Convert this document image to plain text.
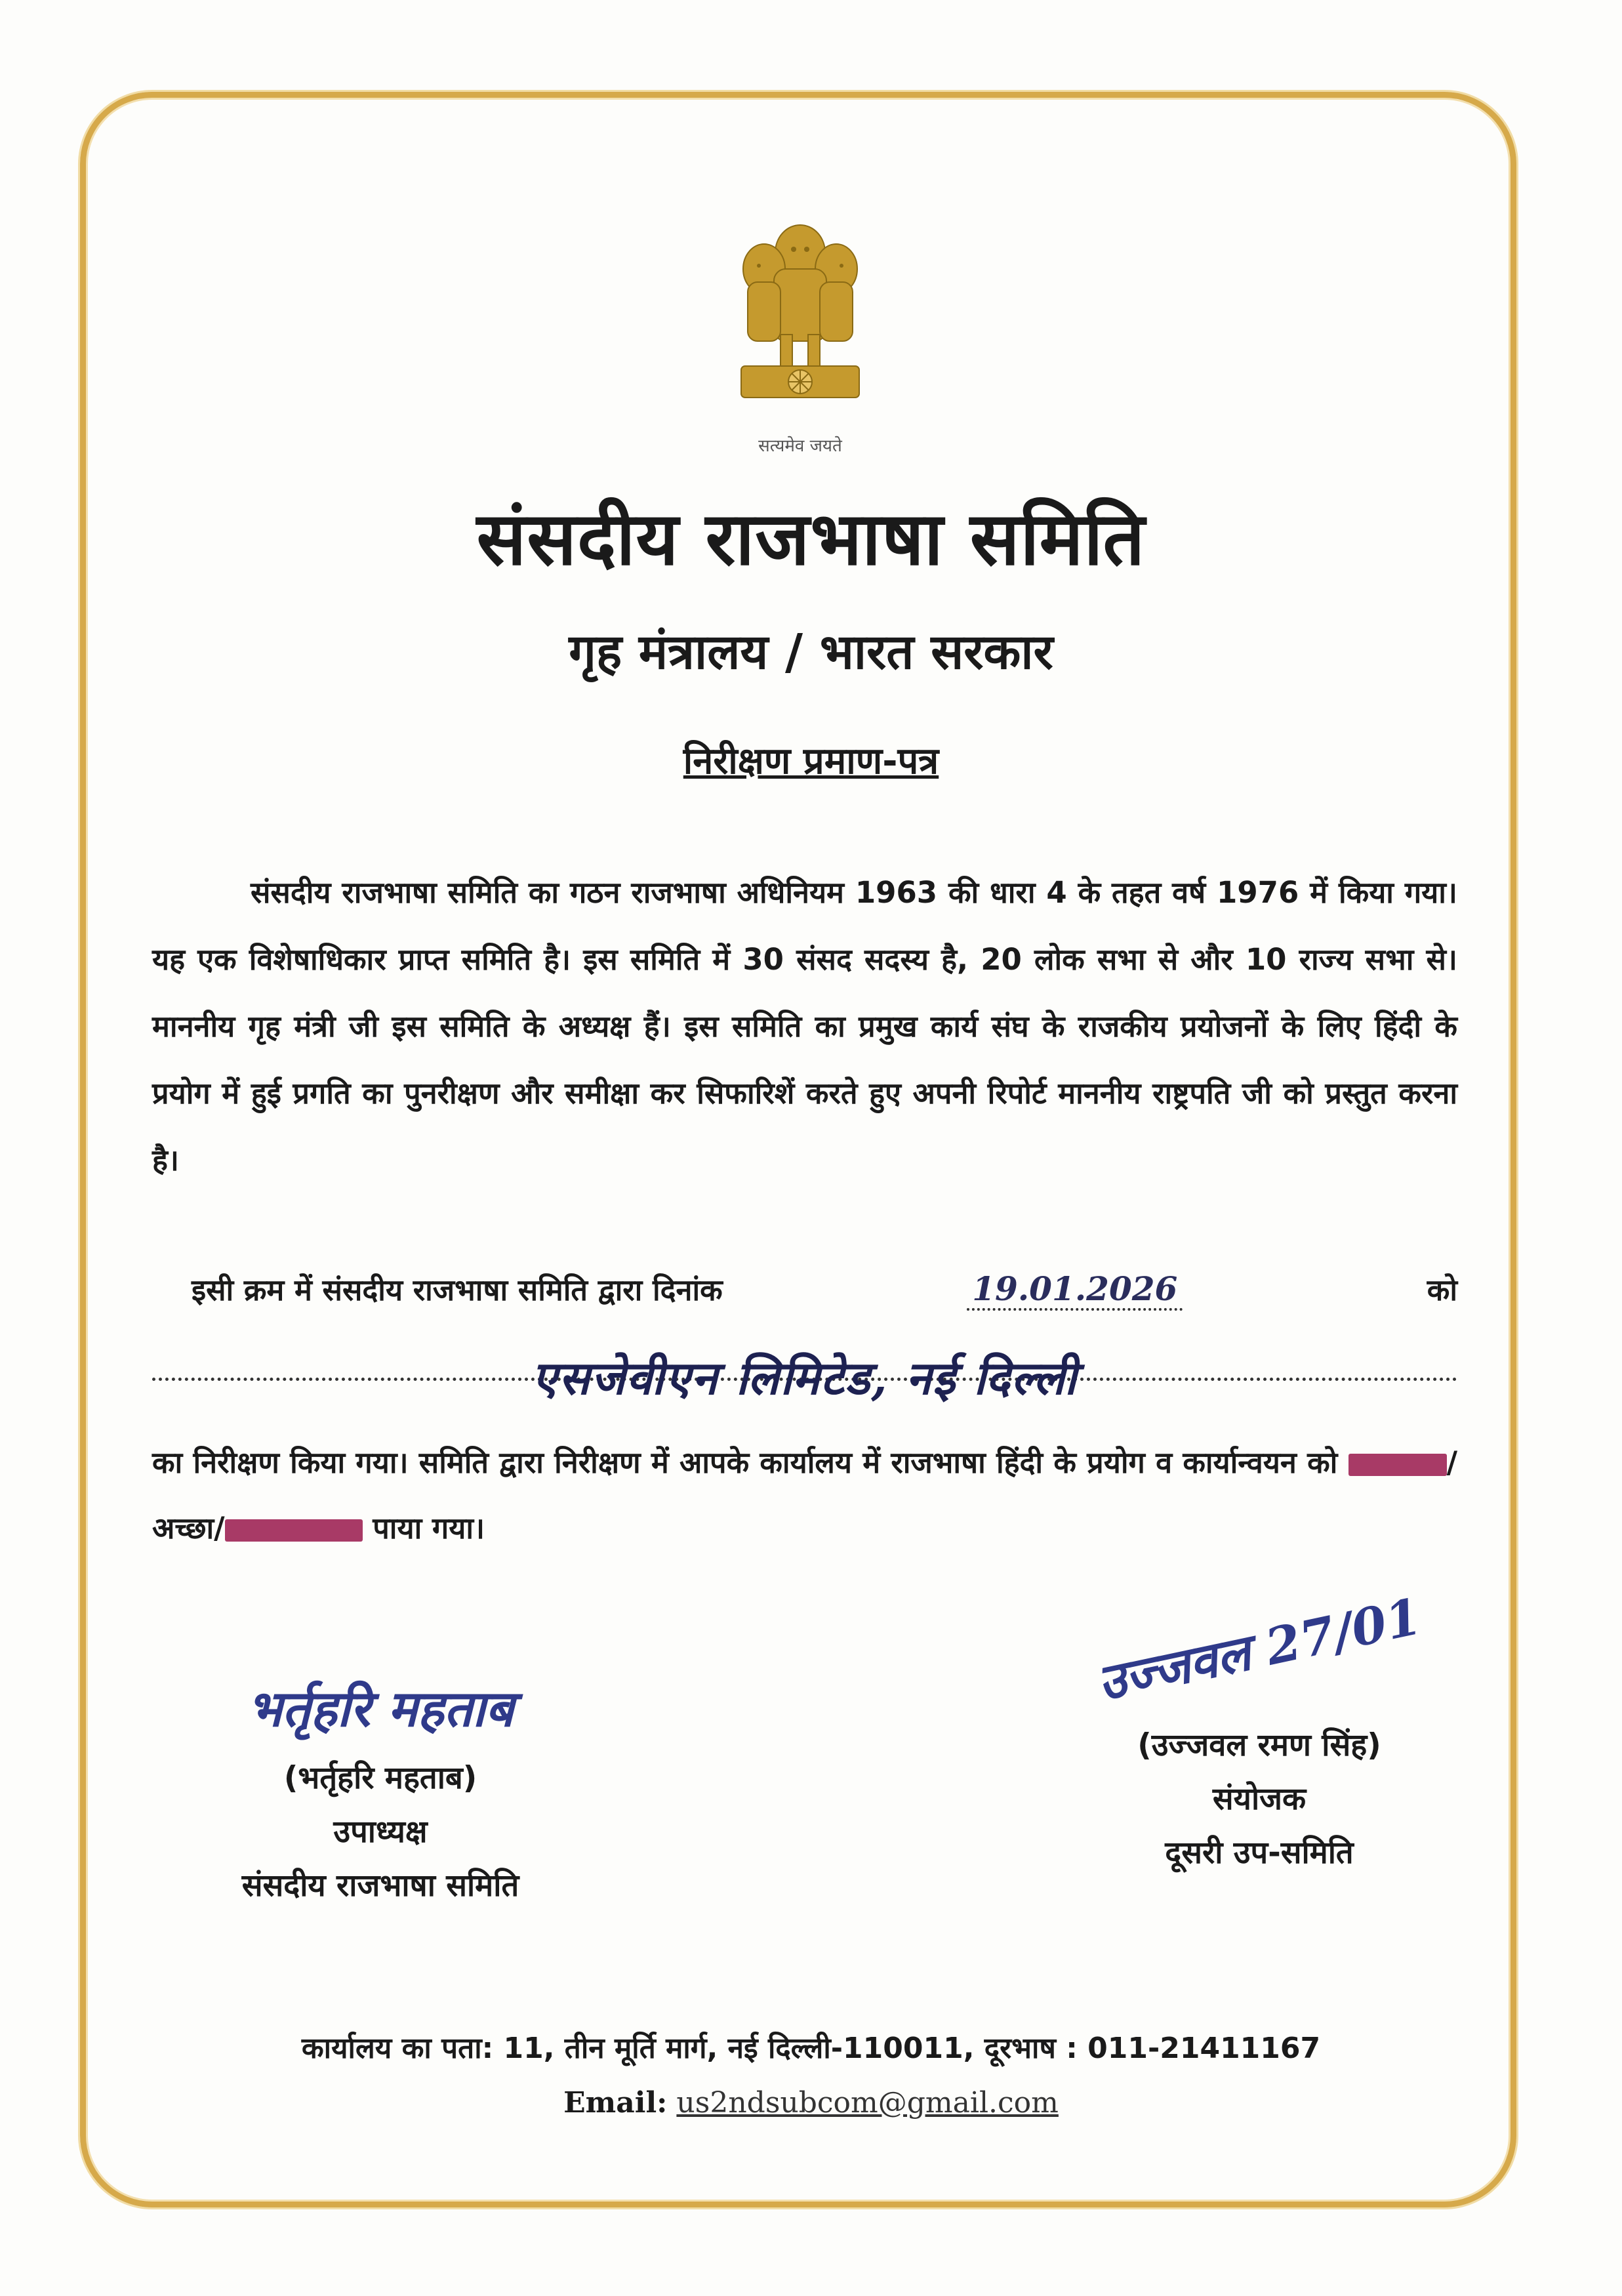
सत्यमेव जयते
संसदीय राजभाषा समिति
गृह मंत्रालय / भारत सरकार
निरीक्षण प्रमाण-पत्र
संसदीय राजभाषा समिति का गठन राजभाषा अधिनियम 1963 की धारा 4 के तहत वर्ष 1976 में किया गया। यह एक विशेषाधिकार प्राप्त समिति है। इस समिति में 30 संसद सदस्य है, 20 लोक सभा से और 10 राज्य सभा से। माननीय गृह मंत्री जी इस समिति के अध्यक्ष हैं। इस समिति का प्रमुख कार्य संघ के राजकीय प्रयोजनों के लिए हिंदी के प्रयोग में हुई प्रगति का पुनरीक्षण और समीक्षा कर सिफारिशें करते हुए अपनी रिपोर्ट माननीय राष्ट्रपति जी को प्रस्तुत करना है।
इसी क्रम में संसदीय राजभाषा समिति द्वारा दिनांक	19.01.2026	को
एसजेवीएन लिमिटेड, नई दिल्ली
का निरीक्षण किया गया। समिति द्वारा निरीक्षण में आपके कार्यालय में राजभाषा हिंदी के प्रयोग व कार्यान्वयन को	/अच्छा/	पाया गया।
भर्तृहरि महताब
(भर्तृहरि महताब)
उपाध्यक्ष
संसदीय राजभाषा समिति
उज्जवल 27/01
(उज्जवल रमण सिंह)
संयोजक
दूसरी उप-समिति
कार्यालय का पता: 11, तीन मूर्ति मार्ग, नई दिल्ली-110011, दूरभाष : 011-21411167
Email: us2ndsubcom@gmail.com
